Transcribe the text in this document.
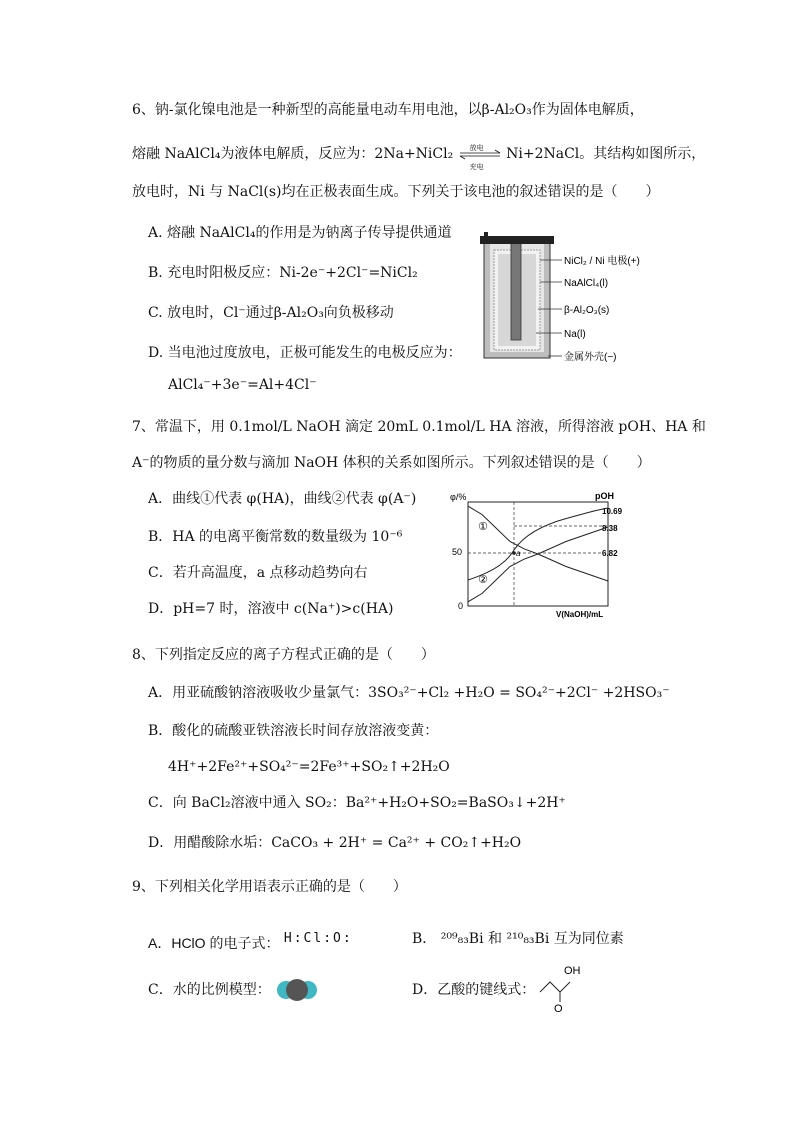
6、钠-氯化镍电池是一种新型的高能量电动车用电池，以β-Al₂O₃作为固体电解质，
熔融 NaAlCl₄为液体电解质，反应为：2Na+NiCl₂ 放电
充电
Ni+2NaCl。其结构如图所示，
放电时，Ni 与 NaCl(s)均在正极表面生成。下列关于该电池的叙述错误的是（　　）
A. 熔融 NaAlCl₄的作用是为钠离子传导提供通道
B. 充电时阳极反应：Ni-2e⁻+2Cl⁻=NiCl₂
C. 放电时，Cl⁻通过β-Al₂O₃向负极移动
D. 当电池过度放电，正极可能发生的电极反应为：
AlCl₄⁻+3e⁻=Al+4Cl⁻
NiCl₂ / Ni 电极(+)
NaAlCl₄(l)
β-Al₂O₃(s)
Na(l)
金属外壳(−)
7、常温下，用 0.1mol/L NaOH 滴定 20mL 0.1mol/L HA 溶液，所得溶液 pOH、HA 和
A⁻的物质的量分数与滴加 NaOH 体积的关系如图所示。下列叙述错误的是（　　）
A．曲线①代表 φ(HA)，曲线②代表 φ(A⁻)
B．HA 的电离平衡常数的数量级为 10⁻⁶
C．若升高温度，a 点移动趋势向右
D．pH=7 时，溶液中 c(Na⁺)>c(HA)
φ/%	pOH
50
0
10.69
8.38
6.82
V(NaOH)/mL
a
①
②
8、下列指定反应的离子方程式正确的是（　　）
A．用亚硫酸钠溶液吸收少量氯气：3SO₃²⁻+Cl₂ +H₂O = SO₄²⁻+2Cl⁻ +2HSO₃⁻
B．酸化的硫酸亚铁溶液长时间存放溶液变黄：
4H⁺+2Fe²⁺+SO₄²⁻=2Fe³⁺+SO₂↑+2H₂O
C．向 BaCl₂溶液中通入 SO₂：Ba²⁺+H₂O+SO₂=BaSO₃↓+2H⁺
D．用醋酸除水垢：CaCO₃ + 2H⁺ = Ca²⁺ + CO₂↑+H₂O
9、下列相关化学用语表示正确的是（　　）
A．HClO 的电子式： H:Cl:O:	B． ²⁰⁹₈₃Bi 和 ²¹⁰₈₃Bi 互为同位素
C．水的比例模型：	D．乙酸的键线式：
OH
O
